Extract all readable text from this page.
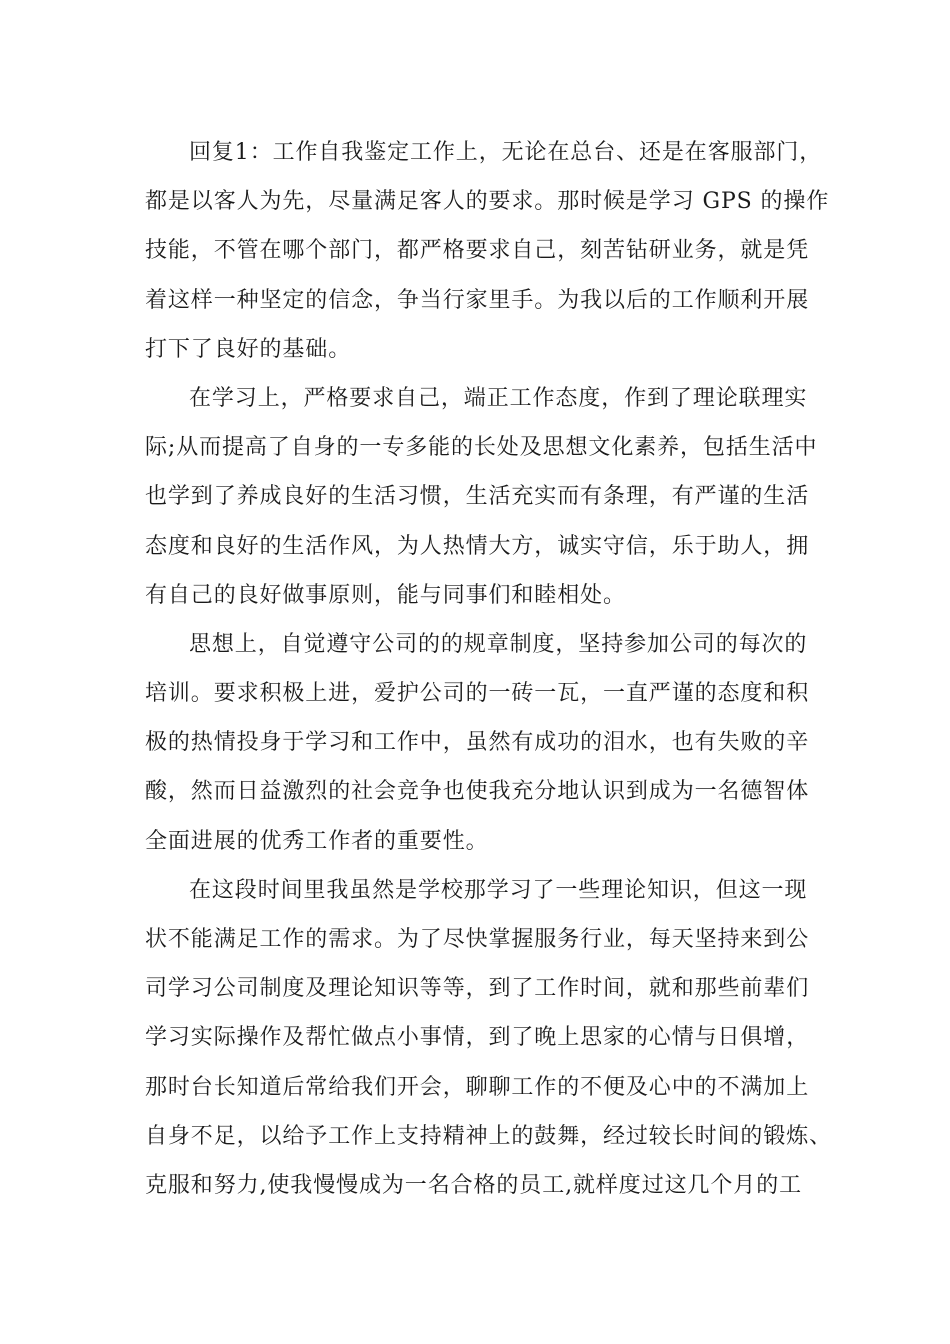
回复1：工作自我鉴定工作上，无论在总台、还是在客服部门，
都是以客人为先，尽量满足客人的要求。那时候是学习 GPS 的操作
技能，不管在哪个部门，都严格要求自己，刻苦钻研业务，就是凭
着这样一种坚定的信念，争当行家里手。为我以后的工作顺利开展
打下了良好的基础。
在学习上，严格要求自己，端正工作态度，作到了理论联理实
际;从而提高了自身的一专多能的长处及思想文化素养，包括生活中
也学到了养成良好的生活习惯，生活充实而有条理，有严谨的生活
态度和良好的生活作风，为人热情大方，诚实守信，乐于助人，拥
有自己的良好做事原则，能与同事们和睦相处。
思想上，自觉遵守公司的的规章制度，坚持参加公司的每次的
培训。要求积极上进，爱护公司的一砖一瓦，一直严谨的态度和积
极的热情投身于学习和工作中，虽然有成功的泪水，也有失败的辛
酸，然而日益激烈的社会竞争也使我充分地认识到成为一名德智体
全面进展的优秀工作者的重要性。
在这段时间里我虽然是学校那学习了一些理论知识，但这一现
状不能满足工作的需求。为了尽快掌握服务行业，每天坚持来到公
司学习公司制度及理论知识等等，到了工作时间，就和那些前辈们
学习实际操作及帮忙做点小事情，到了晚上思家的心情与日俱增，
那时台长知道后常给我们开会，聊聊工作的不便及心中的不满加上
自身不足，以给予工作上支持精神上的鼓舞，经过较长时间的锻炼、
克服和努力,使我慢慢成为一名合格的员工,就样度过这几个月的工
